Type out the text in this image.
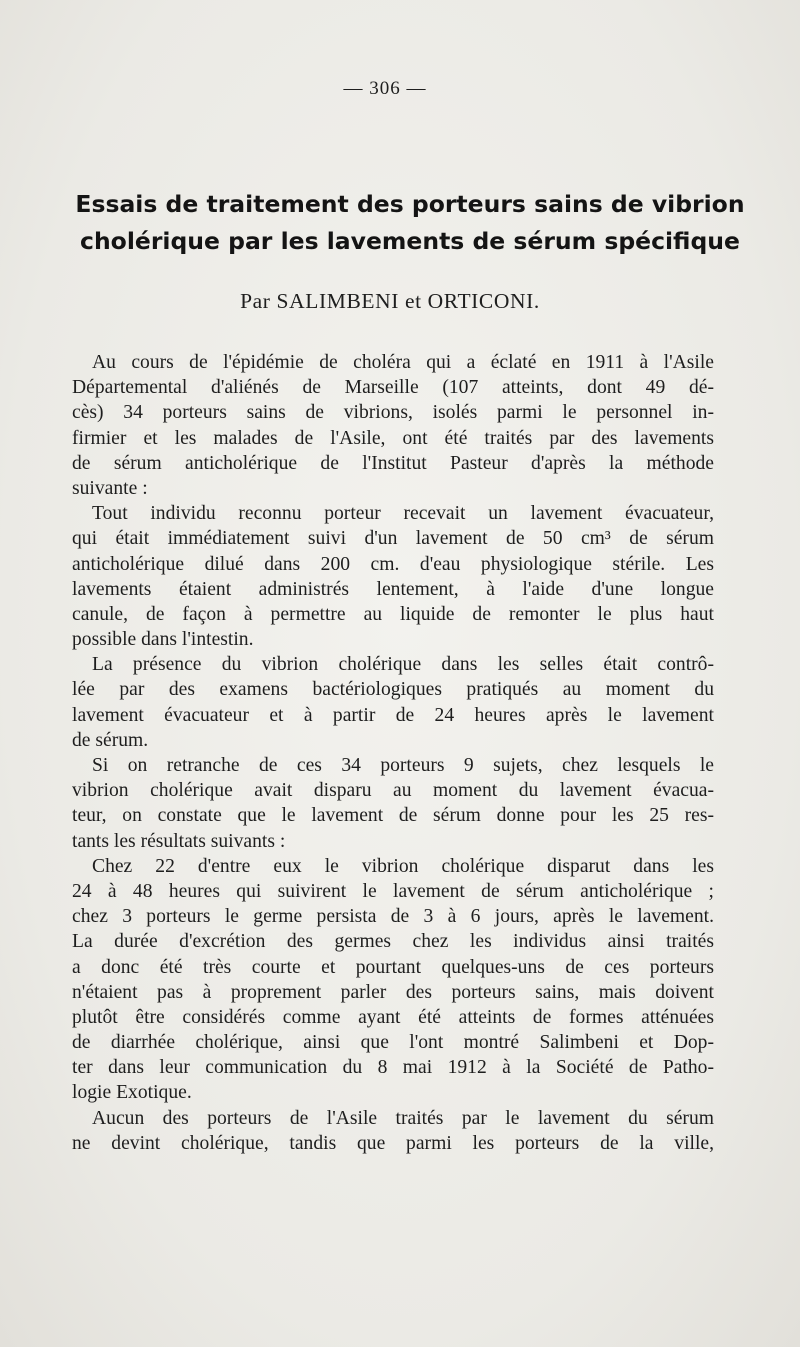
— 306 —
Essais de traitement des porteurs sains de vibrion
cholérique par les lavements de sérum spécifique
Par SALIMBENI et ORTICONI.
Au cours de l'épidémie de choléra qui a éclaté en 1911 à l'Asile
Départemental d'aliénés de Marseille (107 atteints, dont 49 dé-
cès) 34 porteurs sains de vibrions, isolés parmi le personnel in-
firmier et les malades de l'Asile, ont été traités par des lavements
de sérum anticholérique de l'Institut Pasteur d'après la méthode
suivante :
Tout individu reconnu porteur recevait un lavement évacuateur,
qui était immédiatement suivi d'un lavement de 50 cm³ de sérum
anticholérique dilué dans 200 cm. d'eau physiologique stérile. Les
lavements étaient administrés lentement, à l'aide d'une longue
canule, de façon à permettre au liquide de remonter le plus haut
possible dans l'intestin.
La présence du vibrion cholérique dans les selles était contrô-
lée par des examens bactériologiques pratiqués au moment du
lavement évacuateur et à partir de 24 heures après le lavement
de sérum.
Si on retranche de ces 34 porteurs 9 sujets, chez lesquels le
vibrion cholérique avait disparu au moment du lavement évacua-
teur, on constate que le lavement de sérum donne pour les 25 res-
tants les résultats suivants :
Chez 22 d'entre eux le vibrion cholérique disparut dans les
24 à 48 heures qui suivirent le lavement de sérum anticholérique ;
chez 3 porteurs le germe persista de 3 à 6 jours, après le lavement.
La durée d'excrétion des germes chez les individus ainsi traités
a donc été très courte et pourtant quelques-uns de ces porteurs
n'étaient pas à proprement parler des porteurs sains, mais doivent
plutôt être considérés comme ayant été atteints de formes atténuées
de diarrhée cholérique, ainsi que l'ont montré Salimbeni et Dop-
ter dans leur communication du 8 mai 1912 à la Société de Patho-
logie Exotique.
Aucun des porteurs de l'Asile traités par le lavement du sérum
ne devint cholérique, tandis que parmi les porteurs de la ville,
